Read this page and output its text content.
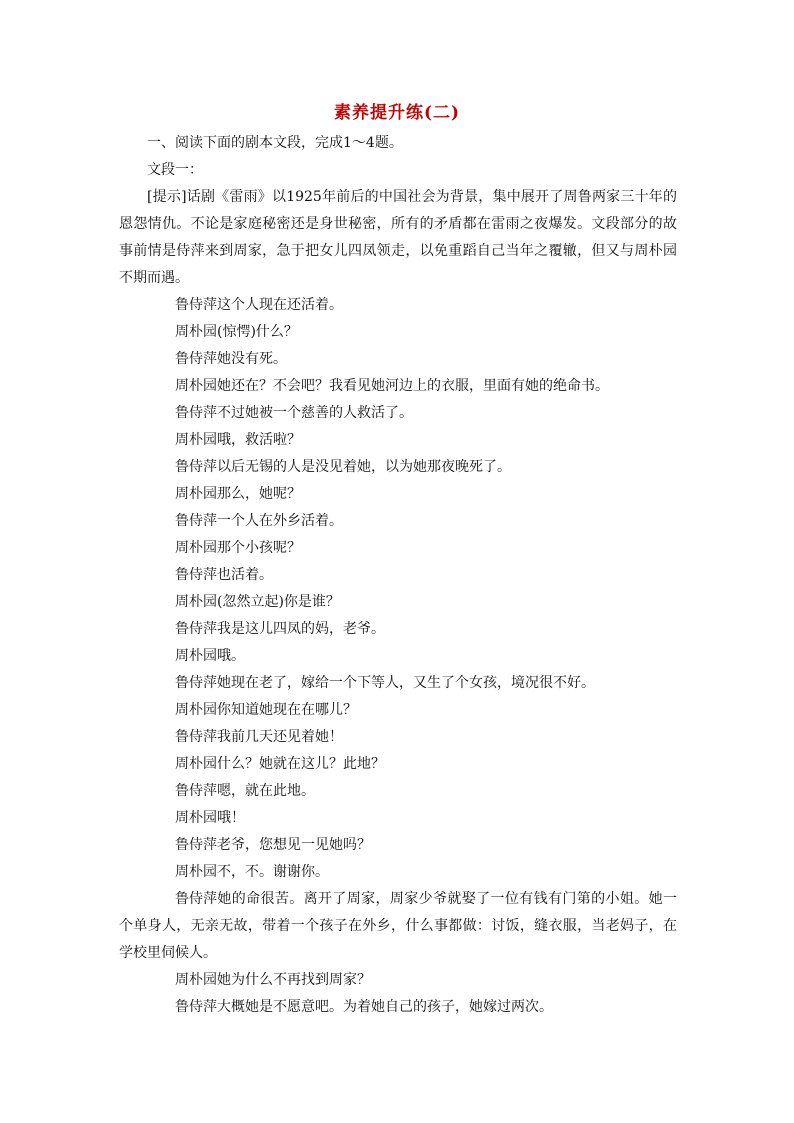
素养提升练(二)

一、阅读下面的剧本文段，完成1～4题。

文段一：

[提示]话剧《雷雨》以1925年前后的中国社会为背景，集中展开了周鲁两家三十年的恩怨情仇。不论是家庭秘密还是身世秘密，所有的矛盾都在雷雨之夜爆发。文段部分的故事前情是侍萍来到周家，急于把女儿四凤领走，以免重蹈自己当年之覆辙，但又与周朴园不期而遇。

鲁侍萍这个人现在还活着。

周朴园(惊愕)什么？

鲁侍萍她没有死。

周朴园她还在？不会吧？我看见她河边上的衣服，里面有她的绝命书。

鲁侍萍不过她被一个慈善的人救活了。

周朴园哦，救活啦？

鲁侍萍以后无锡的人是没见着她，以为她那夜晚死了。

周朴园那么，她呢？

鲁侍萍一个人在外乡活着。

周朴园那个小孩呢？

鲁侍萍也活着。

周朴园(忽然立起)你是谁？

鲁侍萍我是这儿四凤的妈，老爷。

周朴园哦。

鲁侍萍她现在老了，嫁给一个下等人，又生了个女孩，境况很不好。

周朴园你知道她现在在哪儿？

鲁侍萍我前几天还见着她！

周朴园什么？她就在这儿？此地？

鲁侍萍嗯，就在此地。

周朴园哦！

鲁侍萍老爷，您想见一见她吗？

周朴园不，不。谢谢你。

鲁侍萍她的命很苦。离开了周家，周家少爷就娶了一位有钱有门第的小姐。她一个单身人，无亲无故，带着一个孩子在外乡，什么事都做：讨饭，缝衣服，当老妈子，在学校里伺候人。

周朴园她为什么不再找到周家？

鲁侍萍大概她是不愿意吧。为着她自己的孩子，她嫁过两次。
